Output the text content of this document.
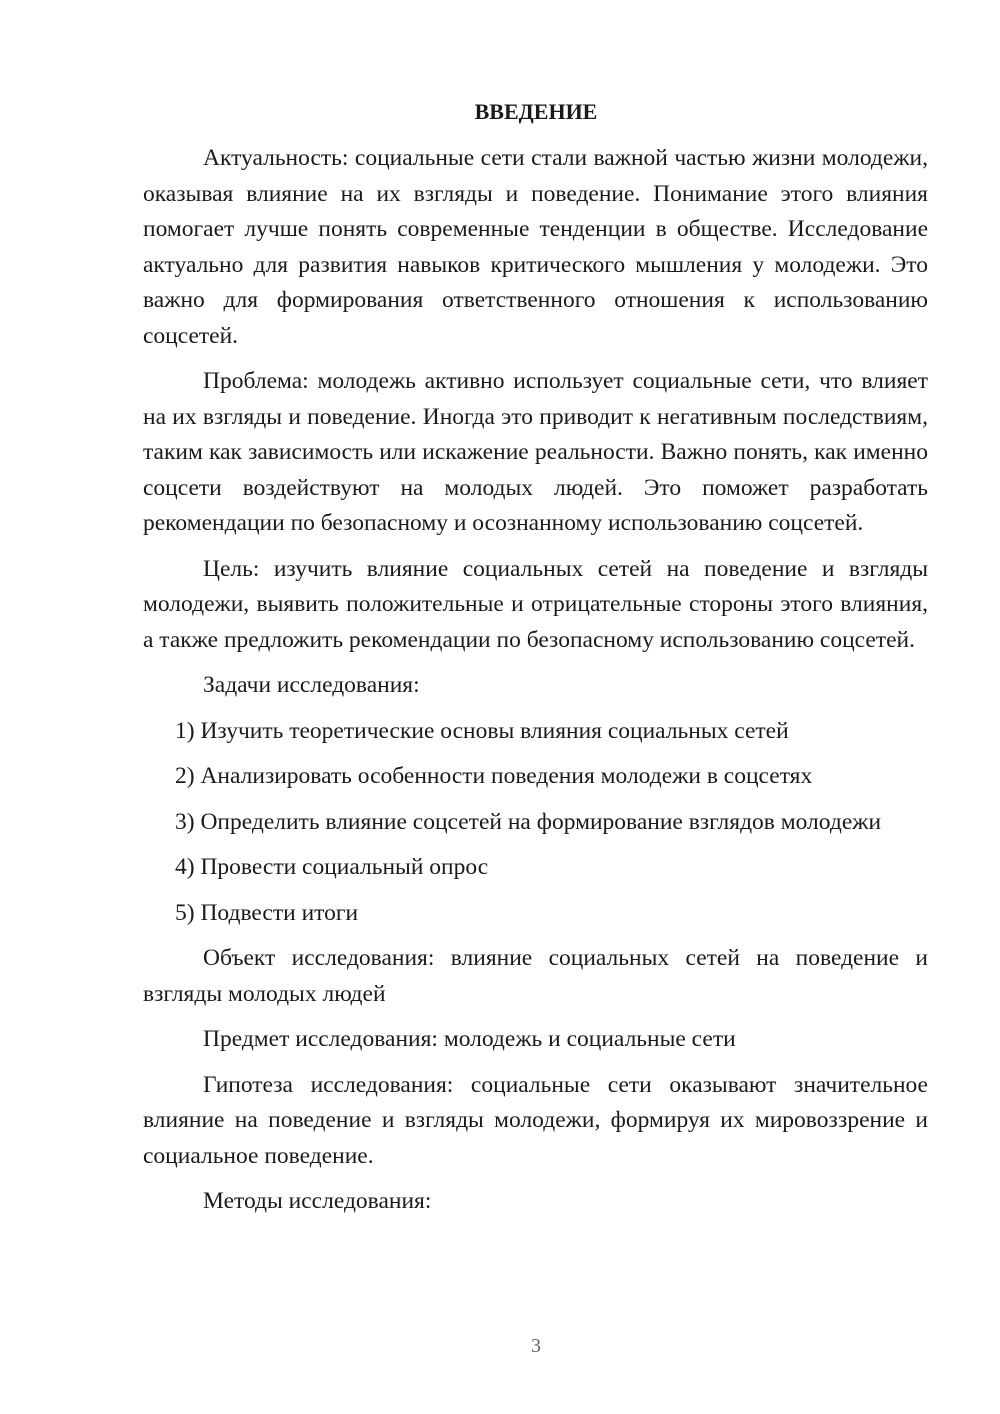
ВВЕДЕНИЕ

Актуальность: социальные сети стали важной частью жизни молодежи, оказывая влияние на их взгляды и поведение. Понимание этого влияния помогает лучше понять современные тенденции в обществе. Исследование актуально для развития навыков критического мышления у молодежи. Это важно для формирования ответственного отношения к использованию соцсетей.

Проблема: молодежь активно использует социальные сети, что влияет на их взгляды и поведение. Иногда это приводит к негативным последствиям, таким как зависимость или искажение реальности. Важно понять, как именно соцсети воздействуют на молодых людей. Это поможет разработать рекомендации по безопасному и осознанному использованию соцсетей.

Цель: изучить влияние социальных сетей на поведение и взгляды молодежи, выявить положительные и отрицательные стороны этого влияния, а также предложить рекомендации по безопасному использованию соцсетей.

Задачи исследования:

1) Изучить теоретические основы влияния социальных сетей
2) Анализировать особенности поведения молодежи в соцсетях
3) Определить влияние соцсетей на формирование взглядов молодежи
4) Провести социальный опрос
5) Подвести итоги

Объект исследования: влияние социальных сетей на поведение и взгляды молодых людей

Предмет исследования: молодежь и социальные сети

Гипотеза исследования: социальные сети оказывают значительное влияние на поведение и взгляды молодежи, формируя их мировоззрение и социальное поведение.

Методы исследования:

3
